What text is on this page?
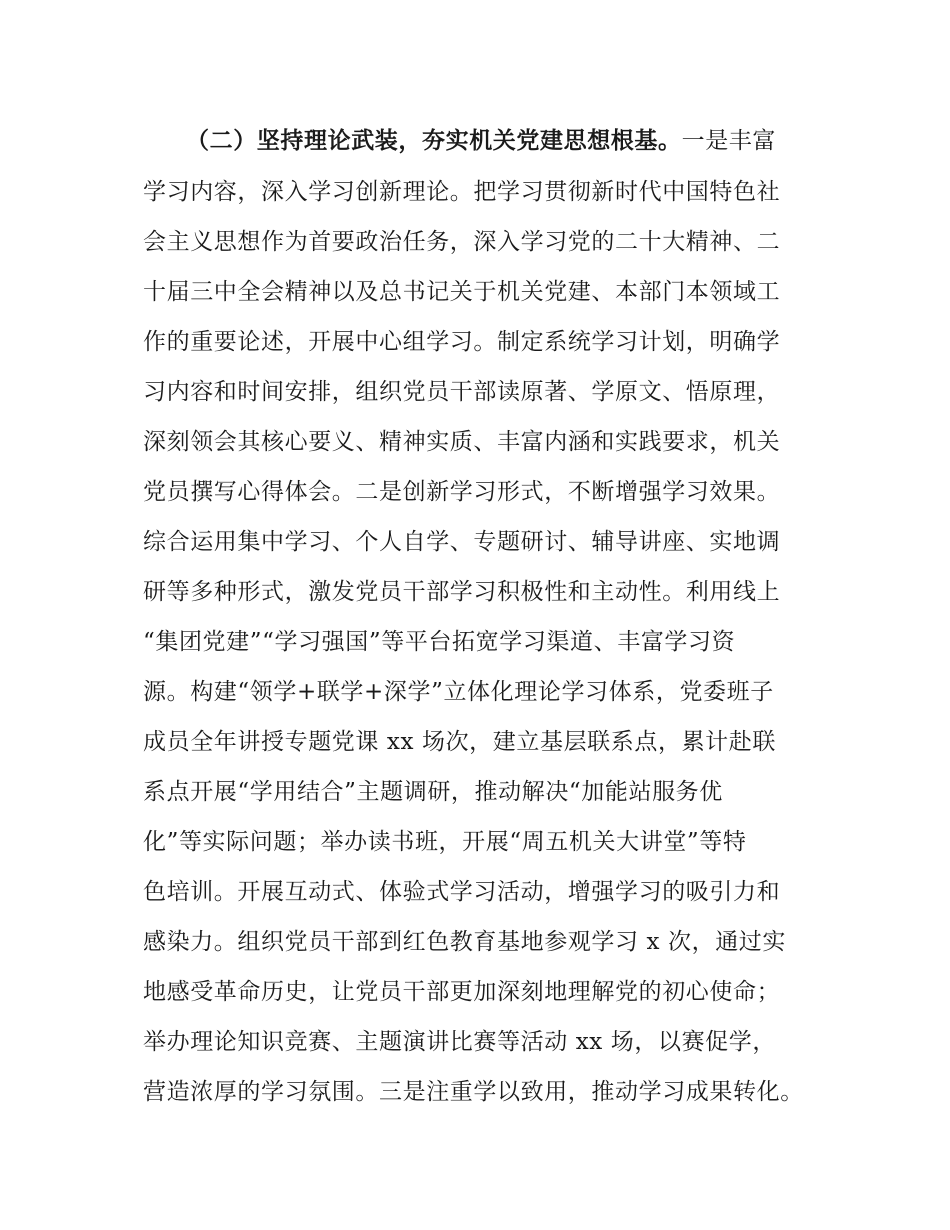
（二）坚持理论武装，夯实机关党建思想根基。一是丰富

学习内容，深入学习创新理论。把学习贯彻新时代中国特色社

会主义思想作为首要政治任务，深入学习党的二十大精神、二

十届三中全会精神以及总书记关于机关党建、本部门本领域工

作的重要论述，开展中心组学习。制定系统学习计划，明确学

习内容和时间安排，组织党员干部读原著、学原文、悟原理，

深刻领会其核心要义、精神实质、丰富内涵和实践要求，机关

党员撰写心得体会。二是创新学习形式，不断增强学习效果。

综合运用集中学习、个人自学、专题研讨、辅导讲座、实地调

研等多种形式，激发党员干部学习积极性和主动性。利用线上

“集团党建”“学习强国”等平台拓宽学习渠道、丰富学习资

源。构建“领学+联学+深学”立体化理论学习体系，党委班子

成员全年讲授专题党课 xx 场次，建立基层联系点，累计赴联

系点开展“学用结合”主题调研，推动解决“加能站服务优

化”等实际问题；举办读书班，开展“周五机关大讲堂”等特

色培训。开展互动式、体验式学习活动，增强学习的吸引力和

感染力。组织党员干部到红色教育基地参观学习 x 次，通过实

地感受革命历史，让党员干部更加深刻地理解党的初心使命；

举办理论知识竞赛、主题演讲比赛等活动 xx 场，以赛促学，

营造浓厚的学习氛围。三是注重学以致用，推动学习成果转化。
